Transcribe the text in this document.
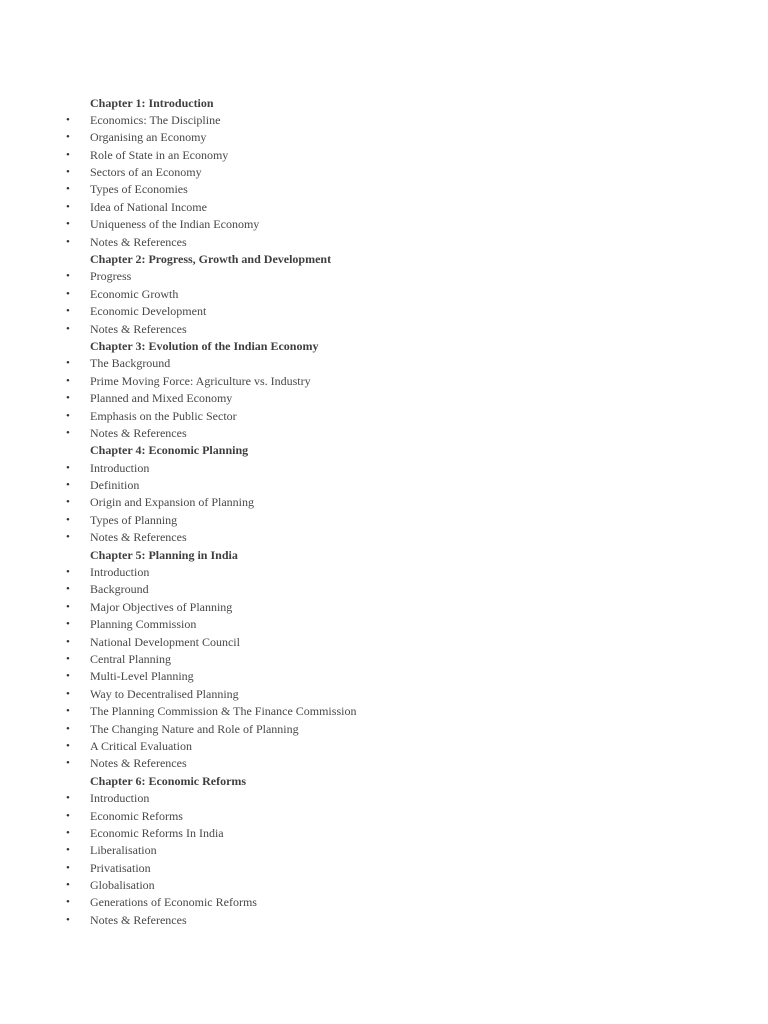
Chapter 1: Introduction
• Economics: The Discipline
• Organising an Economy
• Role of State in an Economy
• Sectors of an Economy
• Types of Economies
• Idea of National Income
• Uniqueness of the Indian Economy
• Notes & References
Chapter 2: Progress, Growth and Development
• Progress
• Economic Growth
• Economic Development
• Notes & References
Chapter 3: Evolution of the Indian Economy
• The Background
• Prime Moving Force: Agriculture vs. Industry
• Planned and Mixed Economy
• Emphasis on the Public Sector
• Notes & References
Chapter 4: Economic Planning
• Introduction
• Definition
• Origin and Expansion of Planning
• Types of Planning
• Notes & References
Chapter 5: Planning in India
• Introduction
• Background
• Major Objectives of Planning
• Planning Commission
• National Development Council
• Central Planning
• Multi-Level Planning
• Way to Decentralised Planning
• The Planning Commission & The Finance Commission
• The Changing Nature and Role of Planning
• A Critical Evaluation
• Notes & References
Chapter 6: Economic Reforms
• Introduction
• Economic Reforms
• Economic Reforms In India
• Liberalisation
• Privatisation
• Globalisation
• Generations of Economic Reforms
• Notes & References
